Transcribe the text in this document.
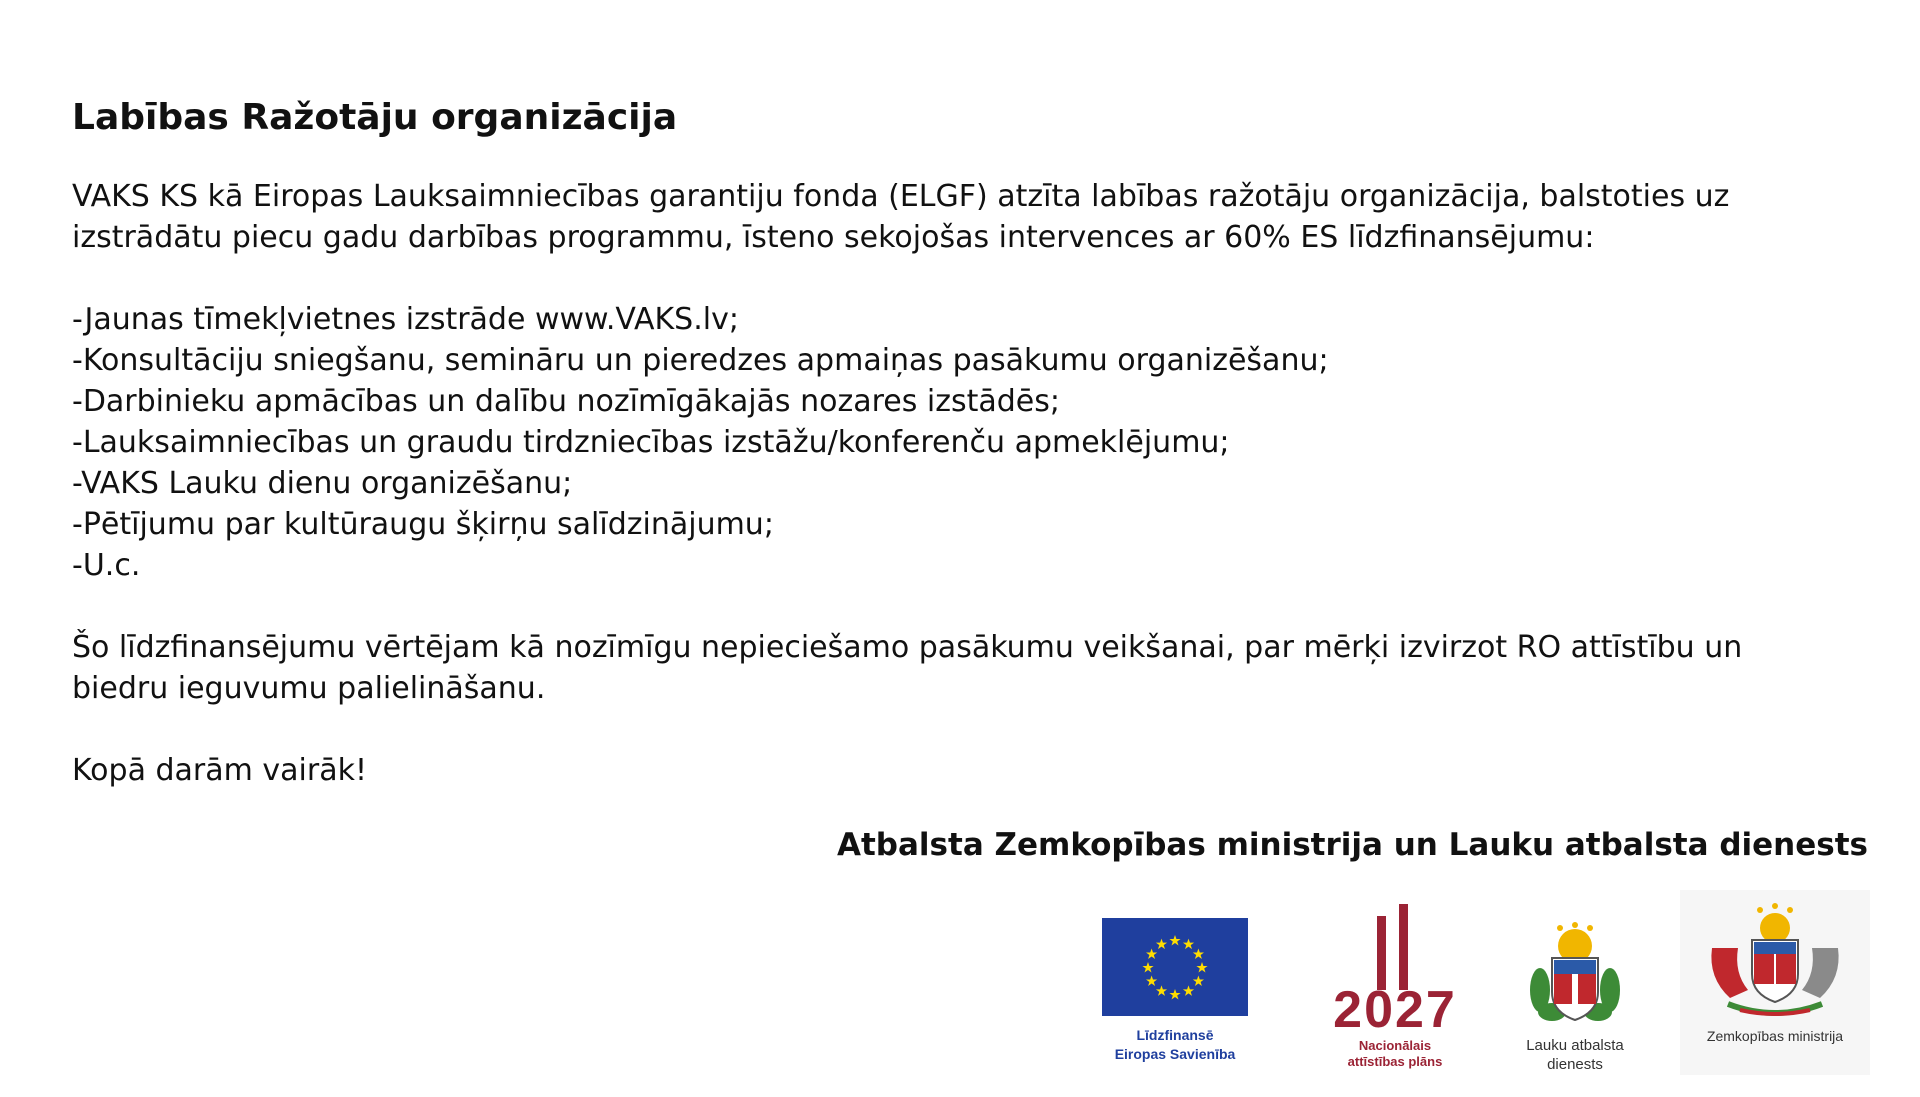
Labības Ražotāju organizācija

VAKS KS kā Eiropas Lauksaimniecības garantiju fonda (ELGF) atzīta labības ražotāju organizācija, balstoties uz izstrādātu piecu gadu darbības programmu, īsteno sekojošas intervences ar 60% ES līdzfinansējumu:

-Jaunas tīmekļvietnes izstrāde www.VAKS.lv;
-Konsultāciju sniegšanu, semināru un pieredzes apmaiņas pasākumu organizēšanu;
-Darbinieku apmācības un dalību nozīmīgākajās nozares izstādēs;
-Lauksaimniecības un graudu tirdzniecības izstāžu/konferenču apmeklējumu;
-VAKS Lauku dienu organizēšanu;
-Pētījumu par kultūraugu šķirņu salīdzinājumu;
-U.c.

Šo līdzfinansējumu vērtējam kā nozīmīgu nepieciešamo pasākumu veikšanai, par mērķi izvirzot RO attīstību un biedru ieguvumu palielināšanu.

Kopā darām vairāk!

Atbalsta Zemkopības ministrija un Lauku atbalsta dienests
Līdzfinansē
Eiropas Savienība
2027
Nacionālais
attīstības plāns
Lauku atbalsta
dienests
Zemkopības ministrija
